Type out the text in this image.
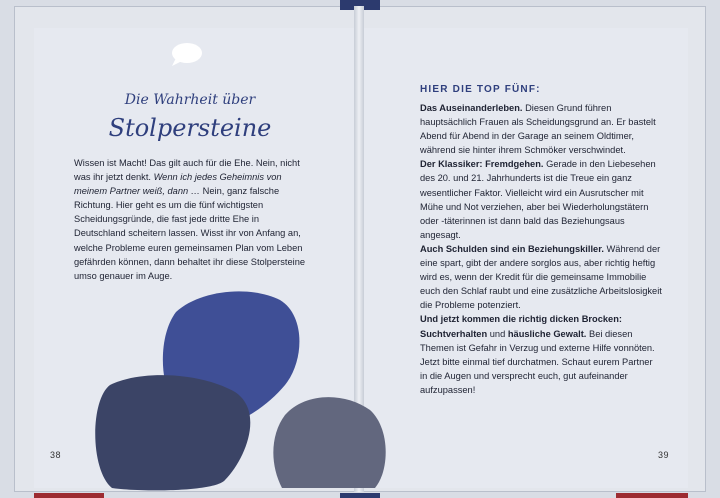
Die Wahrheit über
Stolpersteine

Wissen ist Macht! Das gilt auch für die Ehe. Nein, nicht was ihr jetzt denkt. Wenn ich jedes Geheimnis von meinem Partner weiß, dann … Nein, ganz falsche Richtung. Hier geht es um die fünf wichtigsten Scheidungsgründe, die fast jede dritte Ehe in Deutschland scheitern lassen. Wisst ihr von Anfang an, welche Probleme euren gemeinsamen Plan vom Leben gefährden können, dann behaltet ihr diese Stolpersteine umso genauer im Auge.

38	39
HIER DIE TOP FÜNF:

Das Auseinanderleben. Diesen Grund führen hauptsächlich Frauen als Scheidungsgrund an. Er bastelt Abend für Abend in der Garage an seinem Oldtimer, während sie hinter ihrem Schmöker verschwindet.

Der Klassiker: Fremdgehen. Gerade in den Liebesehen des 20. und 21. Jahrhunderts ist die Treue ein ganz wesentlicher Faktor. Vielleicht wird ein Ausrutscher mit Mühe und Not verziehen, aber bei Wiederholungstätern oder -täterinnen ist dann bald das Beziehungsaus angesagt.

Auch Schulden sind ein Beziehungskiller. Während der eine spart, gibt der andere sorglos aus, aber richtig heftig wird es, wenn der Kredit für die gemeinsame Immobilie euch den Schlaf raubt und eine zusätzliche Arbeitslosigkeit die Probleme potenziert.

Und jetzt kommen die richtig dicken Brocken: Suchtverhalten und häusliche Gewalt. Bei diesen Themen ist Gefahr in Verzug und externe Hilfe vonnöten.

Jetzt bitte einmal tief durchatmen. Schaut eurem Partner in die Augen und versprecht euch, gut aufeinander aufzupassen!
